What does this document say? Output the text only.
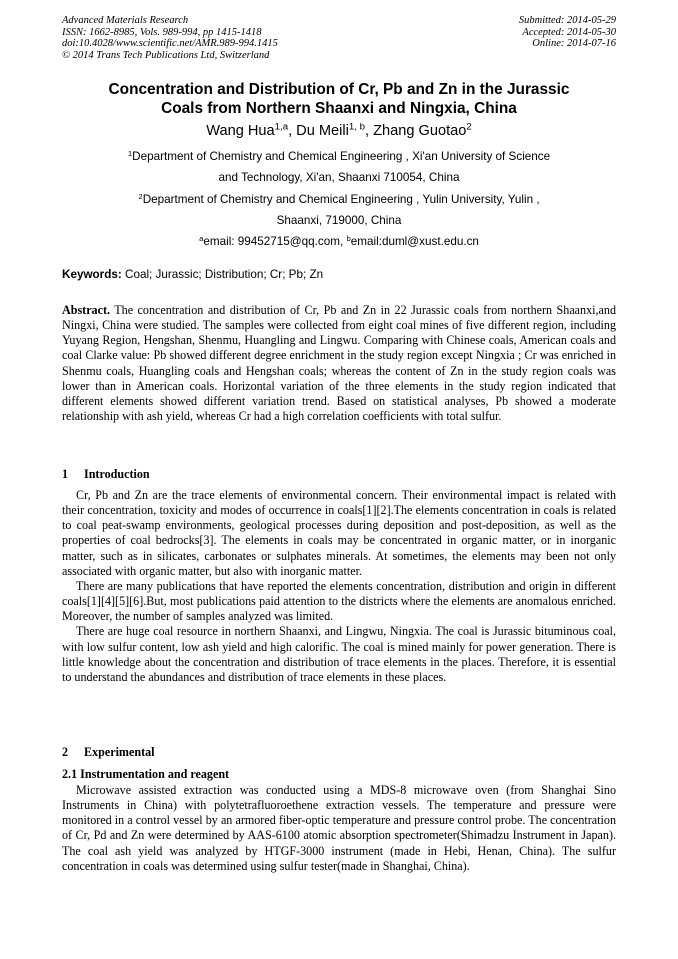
Advanced Materials Research
ISSN: 1662-8985, Vols. 989-994, pp 1415-1418
doi:10.4028/www.scientific.net/AMR.989-994.1415
© 2014 Trans Tech Publications Ltd, Switzerland
Submitted: 2014-05-29
Accepted: 2014-05-30
Online: 2014-07-16
Concentration and Distribution of Cr, Pb and Zn in the Jurassic
Coals from Northern Shaanxi and Ningxia, China
Wang Hua$^{1,a}$, Du Meili$^{1, b}$, Zhang Guotao$^2$
$^1$Department of Chemistry and Chemical Engineering , Xi'an University of Science
and Technology, Xi'an, Shaanxi 710054, China
$^2$Department of Chemistry and Chemical Engineering , Yulin University, Yulin ,
Shaanxi, 719000, China
$^a$email: 99452715@qq.com, $^b$email:duml@xust.edu.cn
Keywords: Coal; Jurassic; Distribution; Cr; Pb; Zn

Abstract. The concentration and distribution of Cr, Pb and Zn in 22 Jurassic coals from northern Shaanxi,and Ningxi, China were studied. The samples were collected from eight coal mines of five different region, including Yuyang Region, Hengshan, Shenmu, Huangling and Lingwu. Comparing with Chinese coals, American coals and coal Clarke value: Pb showed different degree enrichment in the study region except Ningxia ; Cr was enriched in Shenmu coals, Huangling coals and Hengshan coals; whereas the content of Zn in the study region coals was lower than in American coals. Horizontal variation of the three elements in the study region indicated that different elements showed different variation trend. Based on statistical analyses, Pb showed a moderate relationship with ash yield, whereas Cr had a high correlation coefficients with total sulfur.

1 Introduction

Cr, Pb and Zn are the trace elements of environmental concern. Their environmental impact is related with their concentration, toxicity and modes of occurrence in coals[1][2].The elements concentration in coals is related to coal peat-swamp environments, geological processes during deposition and post-deposition, as well as the properties of coal bedrocks[3]. The elements in coals may be concentrated in organic matter, or in inorganic matter, such as in silicates, carbonates or sulphates minerals. At sometimes, the elements may been not only associated with organic matter, but also with inorganic matter.

There are many publications that have reported the elements concentration, distribution and origin in different coals[1][4][5][6].But, most publications paid attention to the districts where the elements are anomalous enriched. Moreover, the number of samples analyzed was limited.

There are huge coal resource in northern Shaanxi, and Lingwu, Ningxia. The coal is Jurassic bituminous coal, with low sulfur content, low ash yield and high calorific. The coal is mined mainly for power generation. There is little knowledge about the concentration and distribution of trace elements in the places. Therefore, it is essential to understand the abundances and distribution of trace elements in these places.

2 Experimental
2.1 Instrumentation and reagent

Microwave assisted extraction was conducted using a MDS-8 microwave oven (from Shanghai Sino Instruments in China) with polytetrafluoroethene extraction vessels. The temperature and pressure were monitored in a control vessel by an armored fiber-optic temperature and pressure control probe. The concentration of Cr, Pd and Zn were determined by AAS-6100 atomic absorption spectrometer(Shimadzu Instrument in Japan). The coal ash yield was analyzed by HTGF-3000 instrument (made in Hebi, Henan, China). The sulfur concentration in coals was determined using sulfur tester(made in Shanghai, China).
